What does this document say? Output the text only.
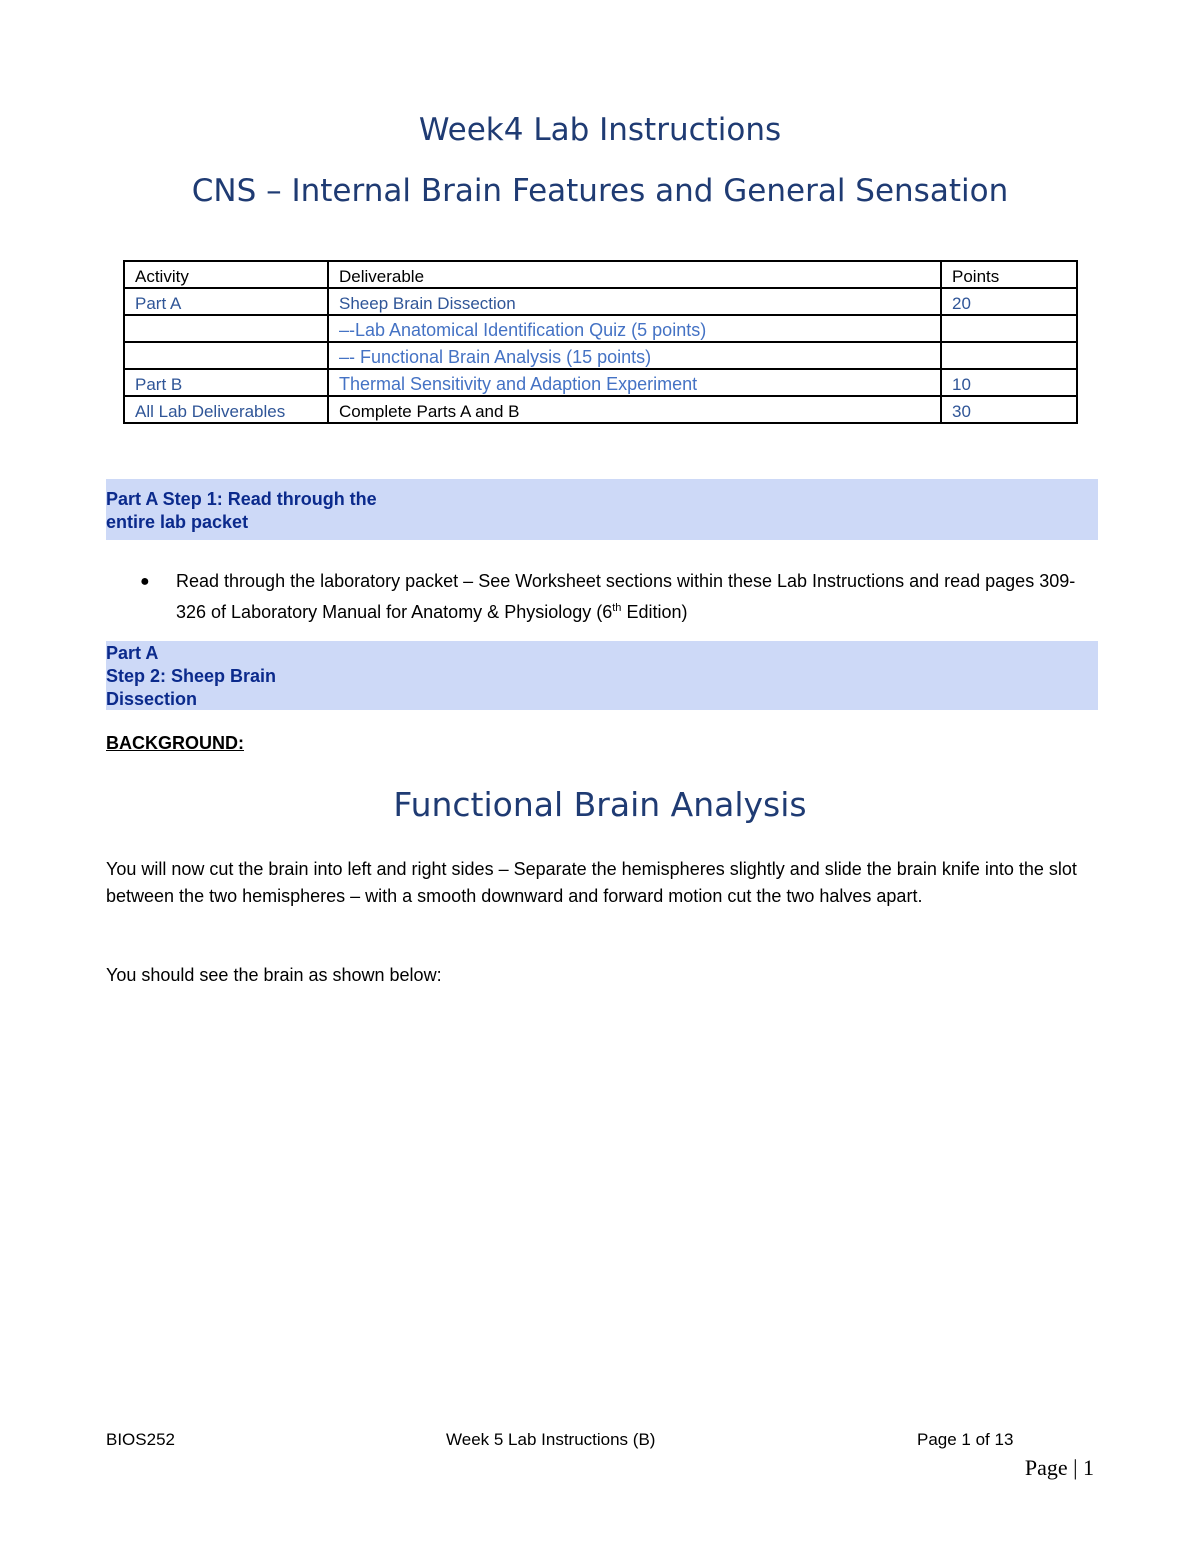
Week4 Lab Instructions
CNS – Internal Brain Features and General Sensation
Activity	Deliverable	Points
Part A	Sheep Brain Dissection	20
	–-Lab Anatomical Identification Quiz (5 points)	
	–- Functional Brain Analysis (15 points)	
Part B	Thermal Sensitivity and Adaption Experiment	10
All Lab Deliverables	Complete Parts A and B	30
Part A Step 1: Read through the
entire lab packet
● Read through the laboratory packet – See Worksheet sections within these Lab Instructions and read pages 309-326 of Laboratory Manual for Anatomy & Physiology (6th Edition)
Part A
Step 2: Sheep Brain
Dissection
BACKGROUND:
Functional Brain Analysis

You will now cut the brain into left and right sides – Separate the hemispheres slightly and slide the brain knife into the slot between the two hemispheres – with a smooth downward and forward motion cut the two halves apart.

You should see the brain as shown below:

BIOS252	Week 5 Lab Instructions (B)	Page 1 of 13
Page | 1
